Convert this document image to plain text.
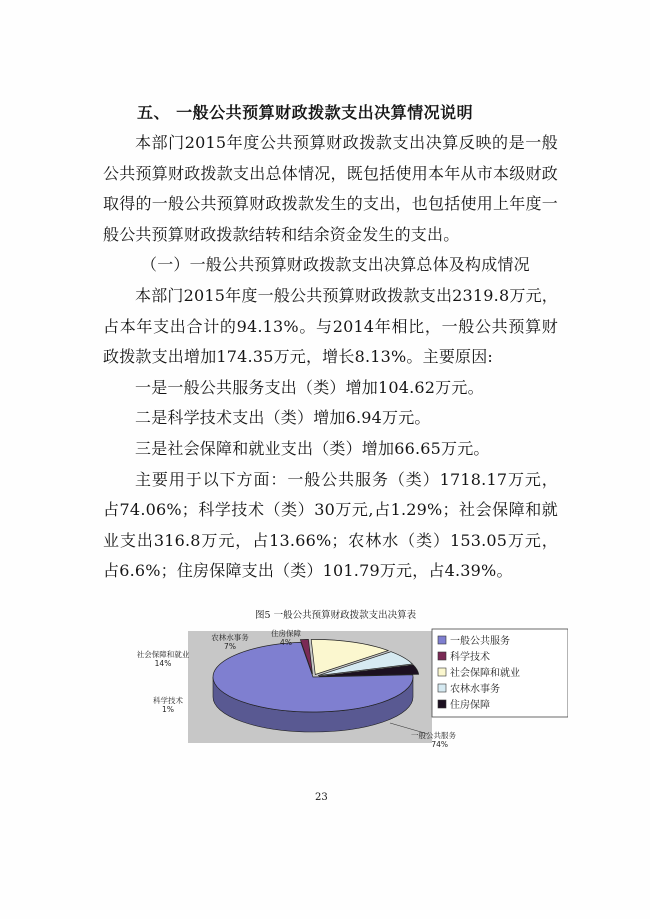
五、 一般公共预算财政拨款支出决算情况说明

本部门2015年度公共预算财政拨款支出决算反映的是一般公共预算财政拨款支出总体情况，既包括使用本年从市本级财政取得的一般公共预算财政拨款发生的支出，也包括使用上年度一般公共预算财政拨款结转和结余资金发生的支出。

（一）一般公共预算财政拨款支出决算总体及构成情况

本部门2015年度一般公共预算财政拨款支出2319.8万元，占本年支出合计的94.13%。与2014年相比，一般公共预算财政拨款支出增加174.35万元，增长8.13%。主要原因:

一是一般公共服务支出（类）增加104.62万元。

二是科学技术支出（类）增加6.94万元。

三是社会保障和就业支出（类）增加66.65万元。

主要用于以下方面：一般公共服务（类）1718.17万元，占74.06%；科学技术（类）30万元,占1.29%；社会保障和就业支出316.8万元，占13.66%；农林水（类）153.05万元，占6.6%；住房保障支出（类）101.79万元，占4.39%。

图5 一般公共预算财政拨款支出决算表
一般公共服务
74%
科学技术
1%
社会保障和就业
14%
农林水事务
7%
住房保障
4%	一般公共服务
科学技术
社会保障和就业
农林水事务
住房保障
23
